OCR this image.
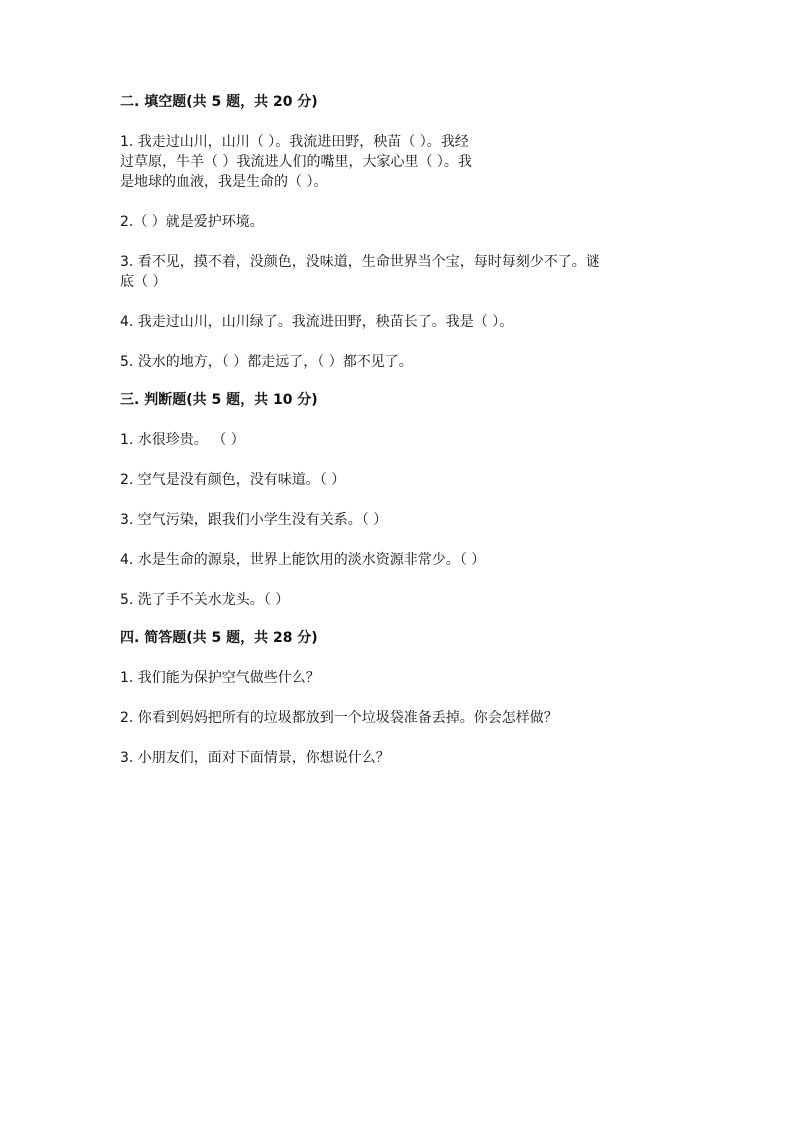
二. 填空题(共 5 题，共 20 分)
1. 我走过山川，山川（ ）。我流进田野，秧苗（ ）。我经
过草原，牛羊（ ）我流进人们的嘴里，大家心里（ ）。我
是地球的血液，我是生命的（ ）。
2.（ ）就是爱护环境。
3. 看不见，摸不着，没颜色，没味道，生命世界当个宝，每时每刻少不了。谜
底（ ）
4. 我走过山川，山川绿了。我流进田野，秧苗长了。我是（ ）。
5. 没水的地方，（ ）都走远了，（ ）都不见了。
三. 判断题(共 5 题，共 10 分)
1. 水很珍贵。 （ ）
2. 空气是没有颜色，没有味道。（ ）
3. 空气污染，跟我们小学生没有关系。（ ）
4. 水是生命的源泉，世界上能饮用的淡水资源非常少。（ ）
5. 洗了手不关水龙头。（ ）
四. 简答题(共 5 题，共 28 分)
1. 我们能为保护空气做些什么？
2. 你看到妈妈把所有的垃圾都放到一个垃圾袋准备丢掉。你会怎样做？
3. 小朋友们，面对下面情景，你想说什么？
